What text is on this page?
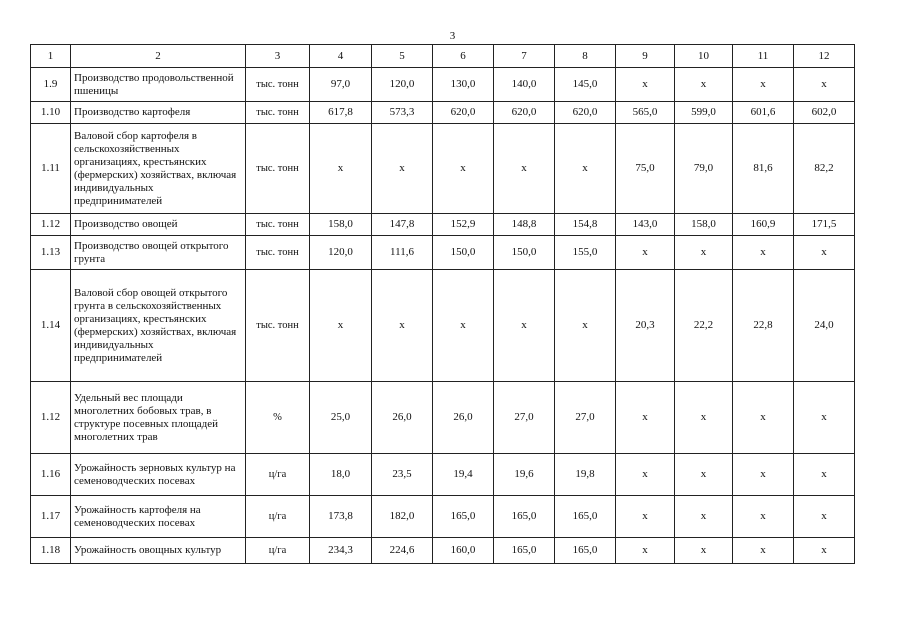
3
1	2	3	4	5	6	7	8	9	10	11	12
1.9	Производство продовольственной пшеницы	тыс. тонн	97,0	120,0	130,0	140,0	145,0	x	x	x	x
1.10	Производство картофеля	тыс. тонн	617,8	573,3	620,0	620,0	620,0	565,0	599,0	601,6	602,0
1.11	Валовой сбор картофеля в сельскохозяйственных организациях, крестьянских (фермерских) хозяйствах, включая индивидуальных предпринимателей	тыс. тонн	x	x	x	x	x	75,0	79,0	81,6	82,2
1.12	Производство овощей	тыс. тонн	158,0	147,8	152,9	148,8	154,8	143,0	158,0	160,9	171,5
1.13	Производство овощей открытого грунта	тыс. тонн	120,0	111,6	150,0	150,0	155,0	x	x	x	x
1.14	Валовой сбор овощей открытого грунта в сельскохозяйственных организациях, крестьянских (фермерских) хозяйствах, включая индивидуальных предпринимателей	тыс. тонн	x	x	x	x	x	20,3	22,2	22,8	24,0
1.12	Удельный вес площади многолетних бобовых трав, в структуре посевных площадей многолетних трав	%	25,0	26,0	26,0	27,0	27,0	x	x	x	x
1.16	Урожайность зерновых культур на семеноводческих посевах	ц/га	18,0	23,5	19,4	19,6	19,8	x	x	x	x
1.17	Урожайность картофеля на семеноводческих посевах	ц/га	173,8	182,0	165,0	165,0	165,0	x	x	x	x
1.18	Урожайность овощных культур	ц/га	234,3	224,6	160,0	165,0	165,0	x	x	x	x
